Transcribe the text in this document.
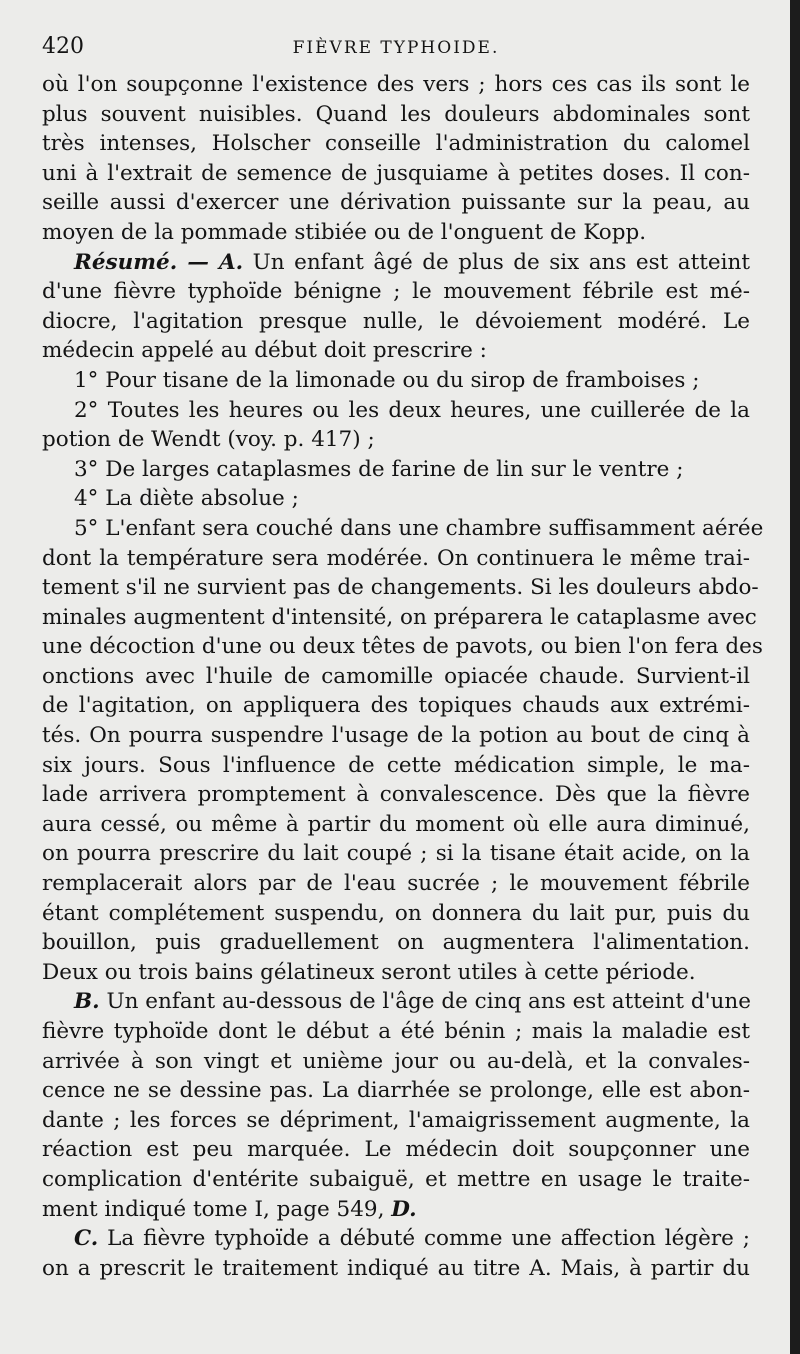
420	FIÈVRE TYPHOIDE.
où l'on soupçonne l'existence des vers ; hors ces cas ils sont le
plus souvent nuisibles. Quand les douleurs abdominales sont
très intenses, Holscher conseille l'administration du calomel
uni à l'extrait de semence de jusquiame à petites doses. Il con-
seille aussi d'exercer une dérivation puissante sur la peau, au
moyen de la pommade stibiée ou de l'onguent de Kopp.
Résumé. — A. Un enfant âgé de plus de six ans est atteint
d'une fièvre typhoïde bénigne ; le mouvement fébrile est mé-
diocre, l'agitation presque nulle, le dévoiement modéré. Le
médecin appelé au début doit prescrire :
1° Pour tisane de la limonade ou du sirop de framboises ;
2° Toutes les heures ou les deux heures, une cuillerée de la
potion de Wendt (voy. p. 417) ;
3° De larges cataplasmes de farine de lin sur le ventre ;
4° La diète absolue ;
5° L'enfant sera couché dans une chambre suffisamment aérée
dont la température sera modérée. On continuera le même trai-
tement s'il ne survient pas de changements. Si les douleurs abdo-
minales augmentent d'intensité, on préparera le cataplasme avec
une décoction d'une ou deux têtes de pavots, ou bien l'on fera des
onctions avec l'huile de camomille opiacée chaude. Survient-il
de l'agitation, on appliquera des topiques chauds aux extrémi-
tés. On pourra suspendre l'usage de la potion au bout de cinq à
six jours. Sous l'influence de cette médication simple, le ma-
lade arrivera promptement à convalescence. Dès que la fièvre
aura cessé, ou même à partir du moment où elle aura diminué,
on pourra prescrire du lait coupé ; si la tisane était acide, on la
remplacerait alors par de l'eau sucrée ; le mouvement fébrile
étant complétement suspendu, on donnera du lait pur, puis du
bouillon, puis graduellement on augmentera l'alimentation.
Deux ou trois bains gélatineux seront utiles à cette période.
B. Un enfant au-dessous de l'âge de cinq ans est atteint d'une
fièvre typhoïde dont le début a été bénin ; mais la maladie est
arrivée à son vingt et unième jour ou au-delà, et la convales-
cence ne se dessine pas. La diarrhée se prolonge, elle est abon-
dante ; les forces se dépriment, l'amaigrissement augmente, la
réaction est peu marquée. Le médecin doit soupçonner une
complication d'entérite subaiguë, et mettre en usage le traite-
ment indiqué tome I, page 549, D.
C. La fièvre typhoïde a débuté comme une affection légère ;
on a prescrit le traitement indiqué au titre A. Mais, à partir du
